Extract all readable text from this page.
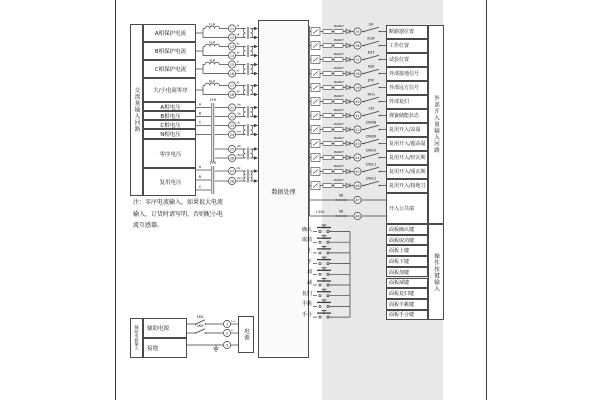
1LH
11
12
Ia
Ia'
2LH
13
14
Ib
Ib'
3LH
15
16
Ic
Ic'
0LH
17
18
I0
I0'
A
B
C
1YH
21
Ua
22
Ub
23
Uc
24
Un
25
U0
26
U0n
A
B
C
2YH
27
Ux
28
Uxn
1N4007
35
QF
1N4007
36
KQF
1N4007
37
KST
1N4007
38
KJD
1N4007
39
KYF
1N4007
40
KFG
1N4007
41
CN
1N4007
42
DN08
1N4007
43
DN09
1N4007
44
DN10
1N4007
45
DN11
1N4007
46
DN12
XB
47
XB
48
+24V
1KK
1
L+
2KK
2
L-
3
交流量输入回路
A相保护电流
B相保护电流
C相保护电流
大/小电流零序
A相电压
B相电压
C相电压
N相电压
零序电压
复用电压
注：零序电流输入，如果很大电流
输入，订货时请写明，否则配小电
流互感器。
数据处理
断路器位置
工作位置
试验位置
外部接地信号
外部远方信号
外部复归
弹簧储能状态
复用开入/高温
复用开入/超高温
复用开入/轻瓦斯
复用开入/重瓦斯
复用开入/接地刀
开入公共端
外部开入量输入回路
面板确认键
面板取消键
面板上键
面板下键
面板加键
面板减键
面板复归键
面板手跳键
面板手合键
操作按键输入
辅助电源输入	辅助电源
接地
电源
确认
取消
上
下
加
减
复归
手跳
手合
